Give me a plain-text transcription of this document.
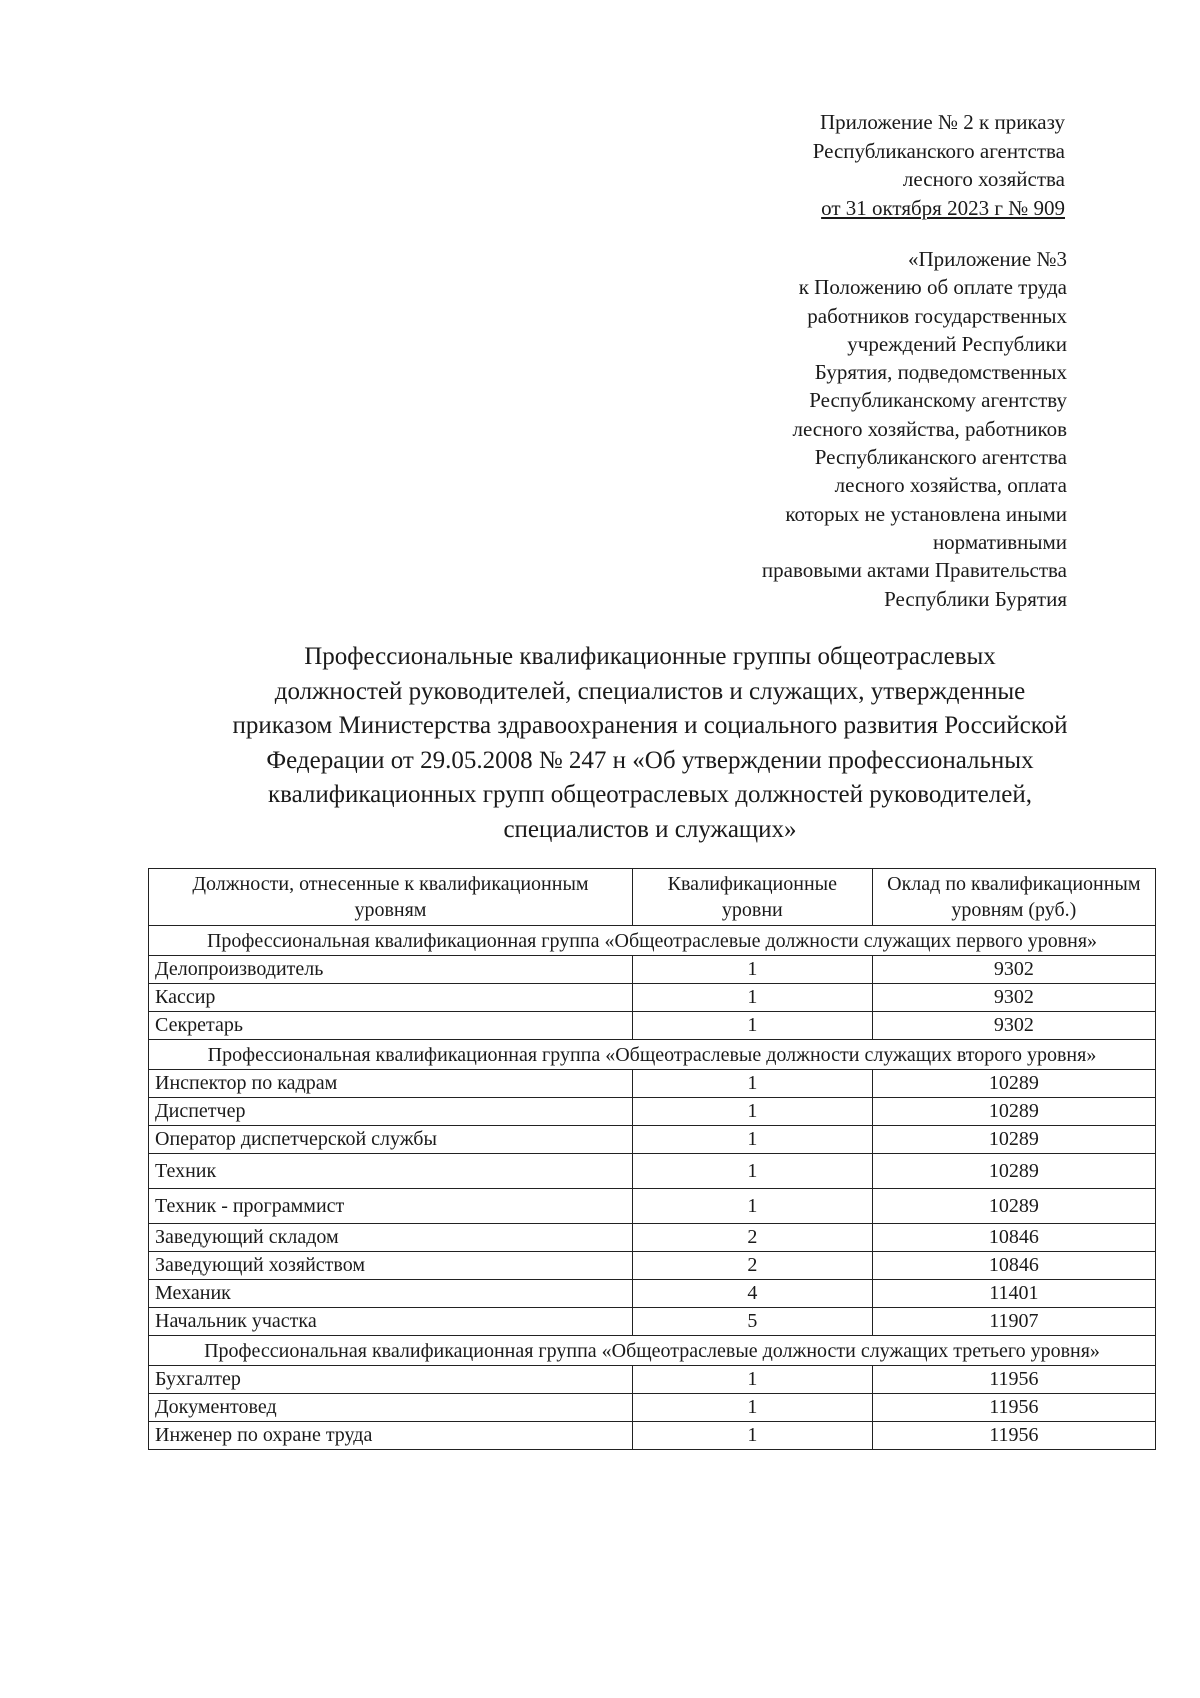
Приложение № 2 к приказу
Республиканского агентства
лесного хозяйства
от 31 октября 2023 г № 909
«Приложение №3
к Положению об оплате труда
работников государственных
учреждений Республики
Бурятия, подведомственных
Республиканскому агентству
лесного хозяйства, работников
Республиканского агентства
лесного хозяйства, оплата
которых не установлена иными
нормативными
правовыми актами Правительства
Республики Бурятия
Профессиональные квалификационные группы общеотраслевых
должностей руководителей, специалистов и служащих, утвержденные
приказом Министерства здравоохранения и социального развития Российской
Федерации от 29.05.2008 № 247 н «Об утверждении профессиональных
квалификационных групп общеотраслевых должностей руководителей,
специалистов и служащих»
Должности, отнесенные к квалификационным уровням	Квалификационные уровни	Оклад по квалификационным уровням (руб.)
Профессиональная квалификационная группа «Общеотраслевые должности служащих первого уровня»		
Делопроизводитель	1	9302
Кассир	1	9302
Секретарь	1	9302
Профессиональная квалификационная группа «Общеотраслевые должности служащих второго уровня»		
Инспектор по кадрам	1	10289
Диспетчер	1	10289
Оператор диспетчерской службы	1	10289
Техник	1	10289
Техник - программист	1	10289
Заведующий складом	2	10846
Заведующий хозяйством	2	10846
Механик	4	11401
Начальник участка	5	11907
Профессиональная квалификационная группа «Общеотраслевые должности служащих третьего уровня»		
Бухгалтер	1	11956
Документовед	1	11956
Инженер по охране труда	1	11956
